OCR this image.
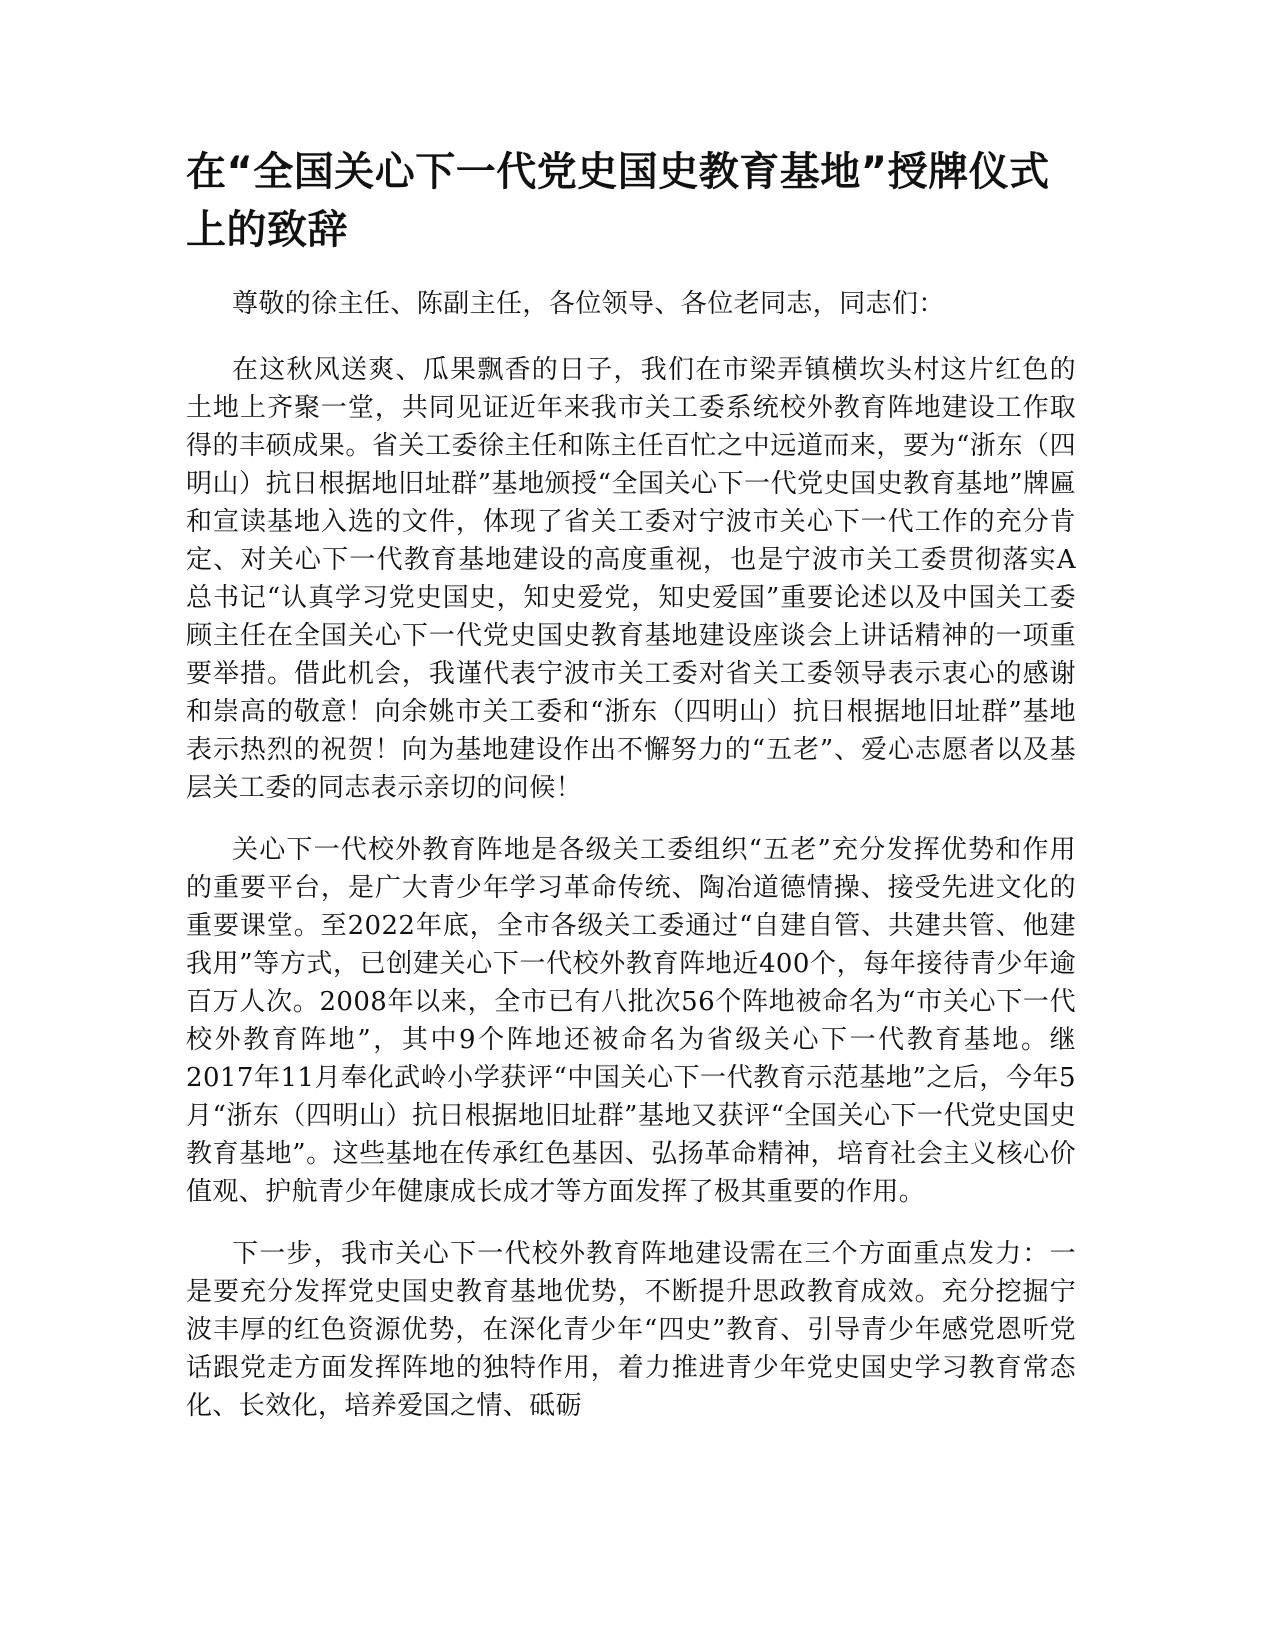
在“全国关心下一代党史国史教育基地”授牌仪式上的致辞

尊敬的徐主任、陈副主任，各位领导、各位老同志，同志们：

在这秋风送爽、瓜果飘香的日子，我们在市梁弄镇横坎头村这片红色的土地上齐聚一堂，共同见证近年来我市关工委系统校外教育阵地建设工作取得的丰硕成果。省关工委徐主任和陈主任百忙之中远道而来，要为“浙东（四明山）抗日根据地旧址群”基地颁授“全国关心下一代党史国史教育基地”牌匾和宣读基地入选的文件，体现了省关工委对宁波市关心下一代工作的充分肯定、对关心下一代教育基地建设的高度重视，也是宁波市关工委贯彻落实A总书记“认真学习党史国史，知史爱党，知史爱国”重要论述以及中国关工委顾主任在全国关心下一代党史国史教育基地建设座谈会上讲话精神的一项重要举措。借此机会，我谨代表宁波市关工委对省关工委领导表示衷心的感谢和崇高的敬意！向余姚市关工委和“浙东（四明山）抗日根据地旧址群”基地表示热烈的祝贺！向为基地建设作出不懈努力的“五老”、爱心志愿者以及基层关工委的同志表示亲切的问候！

关心下一代校外教育阵地是各级关工委组织“五老”充分发挥优势和作用的重要平台，是广大青少年学习革命传统、陶冶道德情操、接受先进文化的重要课堂。至2022年底，全市各级关工委通过“自建自管、共建共管、他建我用”等方式，已创建关心下一代校外教育阵地近400个，每年接待青少年逾百万人次。2008年以来，全市已有八批次56个阵地被命名为“市关心下一代校外教育阵地”，其中9个阵地还被命名为省级关心下一代教育基地。继2017年11月奉化武岭小学获评“中国关心下一代教育示范基地”之后，今年5月“浙东（四明山）抗日根据地旧址群”基地又获评“全国关心下一代党史国史教育基地”。这些基地在传承红色基因、弘扬革命精神，培育社会主义核心价值观、护航青少年健康成长成才等方面发挥了极其重要的作用。

下一步，我市关心下一代校外教育阵地建设需在三个方面重点发力：一是要充分发挥党史国史教育基地优势，不断提升思政教育成效。充分挖掘宁波丰厚的红色资源优势，在深化青少年“四史”教育、引导青少年感党恩听党话跟党走方面发挥阵地的独特作用，着力推进青少年党史国史学习教育常态化、长效化，培养爱国之情、砥砺
